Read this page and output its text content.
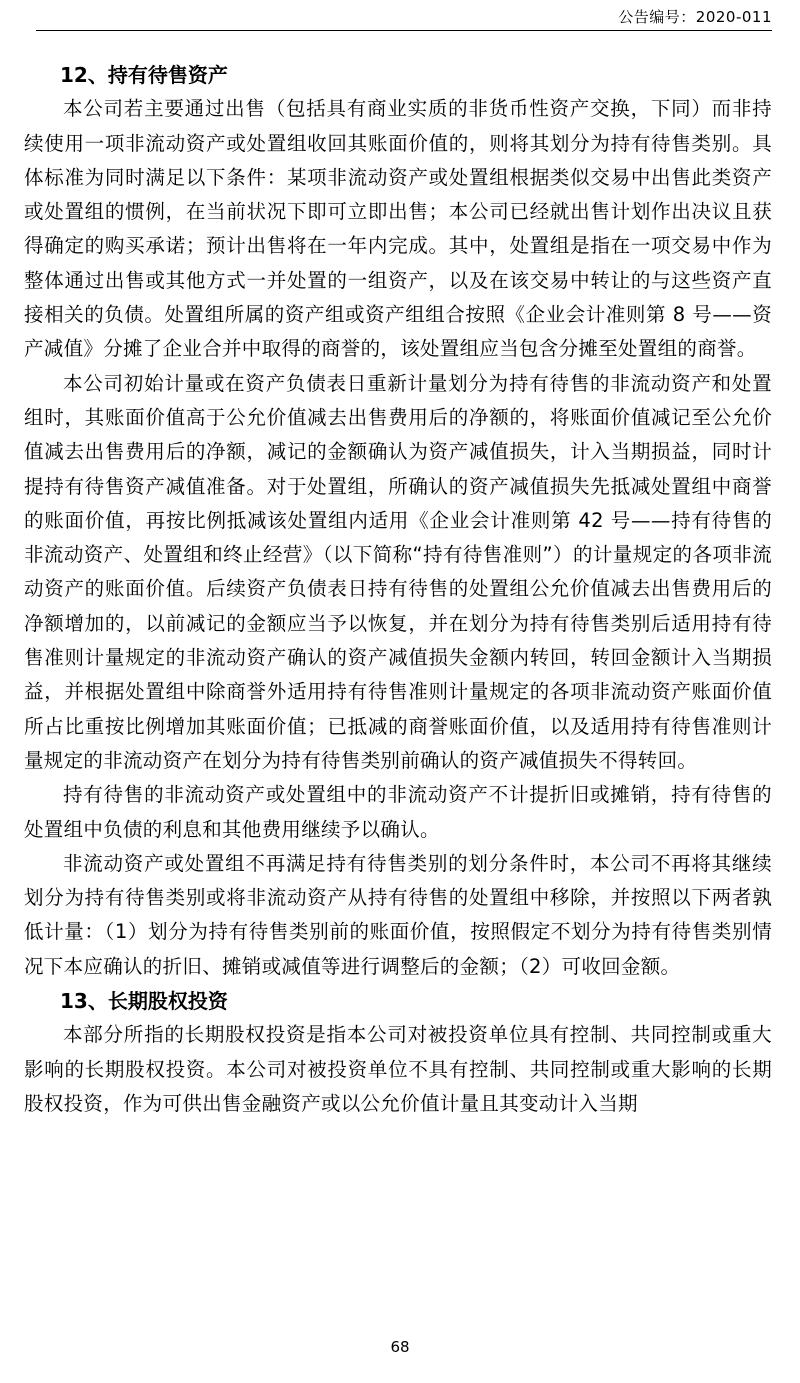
公告编号：2020-011
12、持有待售资产

本公司若主要通过出售（包括具有商业实质的非货币性资产交换，下同）而非持续使用一项非流动资产或处置组收回其账面价值的，则将其划分为持有待售类别。具体标准为同时满足以下条件：某项非流动资产或处置组根据类似交易中出售此类资产或处置组的惯例，在当前状况下即可立即出售；本公司已经就出售计划作出决议且获得确定的购买承诺；预计出售将在一年内完成。其中，处置组是指在一项交易中作为整体通过出售或其他方式一并处置的一组资产，以及在该交易中转让的与这些资产直接相关的负债。处置组所属的资产组或资产组组合按照《企业会计准则第 8 号——资产减值》分摊了企业合并中取得的商誉的，该处置组应当包含分摊至处置组的商誉。

本公司初始计量或在资产负债表日重新计量划分为持有待售的非流动资产和处置组时，其账面价值高于公允价值减去出售费用后的净额的，将账面价值减记至公允价值减去出售费用后的净额，减记的金额确认为资产减值损失，计入当期损益，同时计提持有待售资产减值准备。对于处置组，所确认的资产减值损失先抵减处置组中商誉的账面价值，再按比例抵减该处置组内适用《企业会计准则第 42 号——持有待售的非流动资产、处置组和终止经营》（以下简称“持有待售准则”）的计量规定的各项非流动资产的账面价值。后续资产负债表日持有待售的处置组公允价值减去出售费用后的净额增加的，以前减记的金额应当予以恢复，并在划分为持有待售类别后适用持有待售准则计量规定的非流动资产确认的资产减值损失金额内转回，转回金额计入当期损益，并根据处置组中除商誉外适用持有待售准则计量规定的各项非流动资产账面价值所占比重按比例增加其账面价值；已抵减的商誉账面价值，以及适用持有待售准则计量规定的非流动资产在划分为持有待售类别前确认的资产减值损失不得转回。

持有待售的非流动资产或处置组中的非流动资产不计提折旧或摊销，持有待售的处置组中负债的利息和其他费用继续予以确认。

非流动资产或处置组不再满足持有待售类别的划分条件时，本公司不再将其继续划分为持有待售类别或将非流动资产从持有待售的处置组中移除，并按照以下两者孰低计量：（1）划分为持有待售类别前的账面价值，按照假定不划分为持有待售类别情况下本应确认的折旧、摊销或减值等进行调整后的金额；（2）可收回金额。

13、长期股权投资

本部分所指的长期股权投资是指本公司对被投资单位具有控制、共同控制或重大影响的长期股权投资。本公司对被投资单位不具有控制、共同控制或重大影响的长期股权投资，作为可供出售金融资产或以公允价值计量且其变动计入当期

68
